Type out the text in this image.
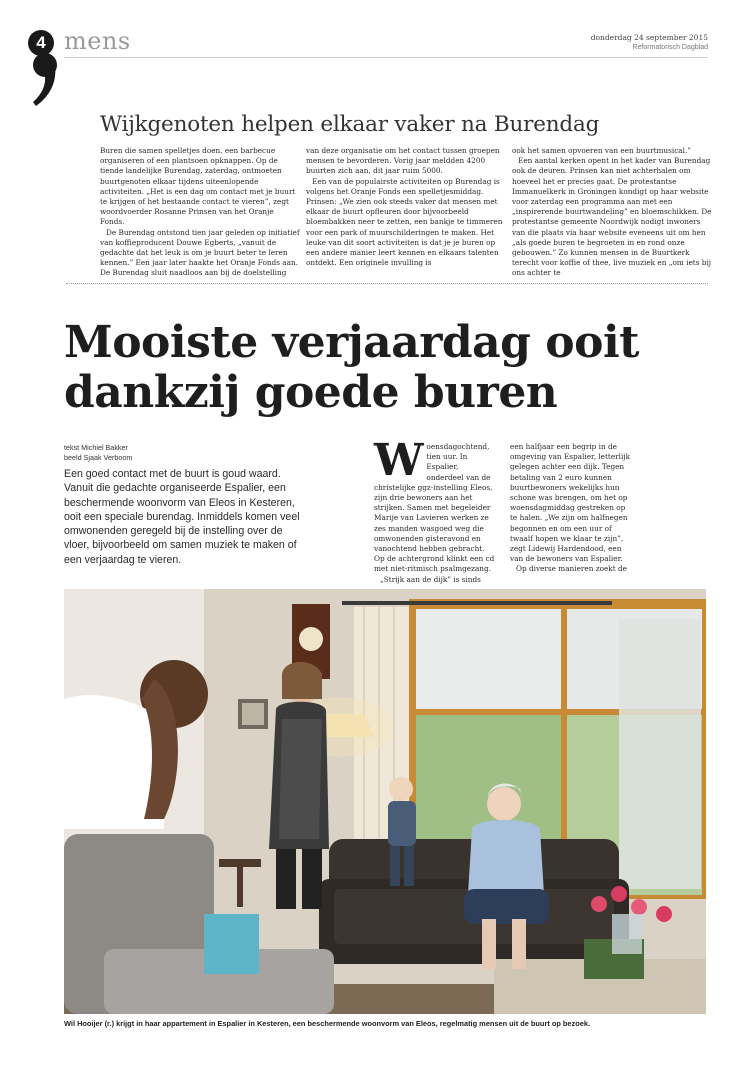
4 mens	donderdag 24 september 2015
Reformatorisch Dagblad
Wijkgenoten helpen elkaar vaker na Burendag

Buren die samen spelletjes doen, een barbecue organiseren of een plantsoen opknappen. Op de tiende landelijke Burendag, zaterdag, ontmoeten buurtgenoten elkaar tijdens uiteenlopende activiteiten. „Het is een dag om contact met je buurt te krijgen of het bestaande contact te vieren”, zegt woordvoerder Rosanne Prinsen van het Oranje Fonds.

De Burendag ontstond tien jaar geleden op initiatief van koffieproducent Douwe Egberts, „vanuit de gedachte dat het leuk is om je buurt beter te leren kennen.” Een jaar later haakte het Oranje Fonds aan. De Burendag sluit naadloos aan bij de doelstelling

van deze organisatie om het contact tussen groepen mensen te bevorderen. Vorig jaar meldden 4200 buurten zich aan, dit jaar ruim 5000.

Een van de populairste activiteiten op Burendag is volgens het Oranje Fonds een spelletjesmiddag. Prinsen: „We zien ook steeds vaker dat mensen met elkaar de buurt opfleuren door bijvoorbeeld bloembakken neer te zetten, een bankje te timmeren voor een park of muurschilderingen te maken. Het leuke van dit soort activiteiten is dat je je buren op een andere manier leert kennen en elkaars talenten ontdekt. Een originele invulling is

ook het samen opvoeren van een buurtmusical.”

Een aantal kerken opent in het kader van Burendag ook de deuren. Prinsen kan niet achterhalen om hoeveel het er precies gaat. De protestantse Immanuelkerk in Groningen kondigt op haar website voor zaterdag een programma aan met een „inspirerende buurtwandeling” en bloemschikken. De protestantse gemeente Noordwijk nodigt inwoners van die plaats via haar website eveneens uit om hen „als goede buren te begroeten in en rond onze gebouwen.” Zo kunnen mensen in de Buurtkerk terecht voor koffie of thee, live muziek en „om iets bij ons achter te

Mooiste verjaardag ooit
dankzij goede buren
tekst Michiel Bakker
beeld Sjaak Verboom

Een goed contact met de buurt is goud waard. Vanuit die gedachte organiseerde Espalier, een beschermende woonvorm van Eleos in Kesteren, ooit een speciale burendag. Inmiddels komen veel omwonenden geregeld bij de instelling over de vloer, bijvoorbeeld om samen muziek te maken of een verjaardag te vieren.

Woensdagochtend, tien uur. In Espalier, onderdeel van de christelijke ggz-instelling Eleos, zijn drie bewoners aan het strijken. Samen met begeleider Marije van Lavieren werken ze zes manden wasgoed weg die omwonenden gisteravond en vanochtend hebben gebracht. Op de achtergrond klinkt een cd met niet-ritmisch psalmgezang.

„Strijk aan de dijk” is sinds

een halfjaar een begrip in de omgeving van Espalier, letterlijk gelegen achter een dijk. Tegen betaling van 2 euro kunnen buurtbewoners wekelijks hun schone was brengen, om het op woensdagmiddag gestreken op te halen. „We zijn om halfnegen begonnen en om een uur of twaalf hopen we klaar te zijn”, zegt Lidewij Hardendood, een van de bewoners van Espalier.

Op diverse manieren zoekt de

Wil Hooijer (r.) krijgt in haar appartement in Espalier in Kesteren, een beschermende woonvorm van Eleos, regelmatig mensen uit de buurt op bezoek.
